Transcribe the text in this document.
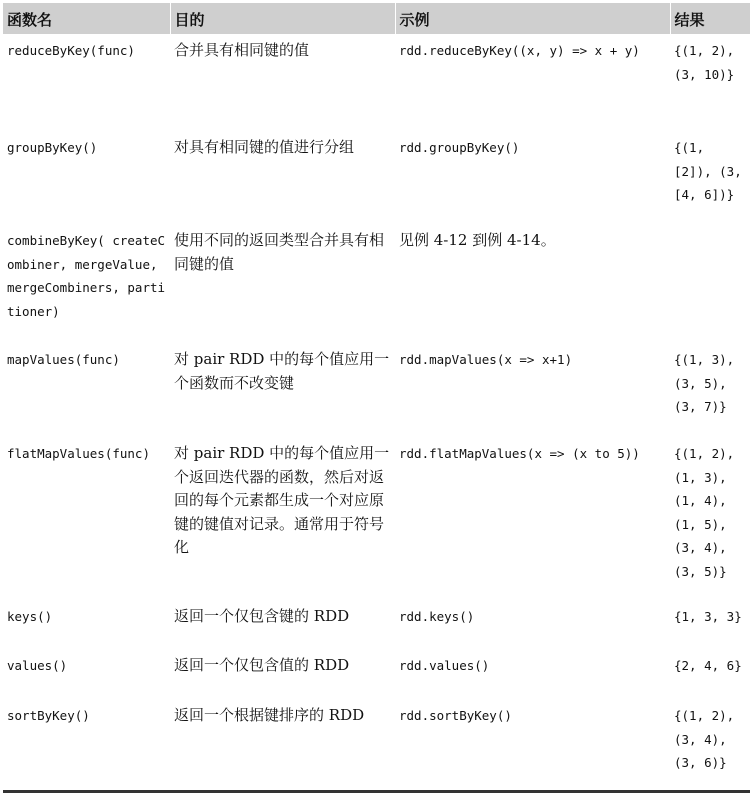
函数名	目的	示例	结果
reduceByKey(func)	合并具有相同键的值	rdd.reduceByKey((x, y) => x + y)	{(1, 2), (3, 10)}
groupByKey()	对具有相同键的值进行分组	rdd.groupByKey()	{(1, [2]), (3, [4, 6])}
combineByKey( createCombiner, mergeValue, mergeCombiners, partitioner)	使用不同的返回类型合并具有相同键的值	见例 4-12 到例 4-14。	
mapValues(func)	对 pair RDD 中的每个值应用一个函数而不改变键	rdd.mapValues(x => x+1)	{(1, 3), (3, 5), (3, 7)}
flatMapValues(func)	对 pair RDD 中的每个值应用一个返回迭代器的函数，然后对返回的每个元素都生成一个对应原键的键值对记录。通常用于符号化	rdd.flatMapValues(x => (x to 5))	{(1, 2), (1, 3), (1, 4), (1, 5), (3, 4), (3, 5)}
keys()	返回一个仅包含键的 RDD	rdd.keys()	{1, 3, 3}
values()	返回一个仅包含值的 RDD	rdd.values()	{2, 4, 6}
sortByKey()	返回一个根据键排序的 RDD	rdd.sortByKey()	{(1, 2), (3, 4), (3, 6)}
